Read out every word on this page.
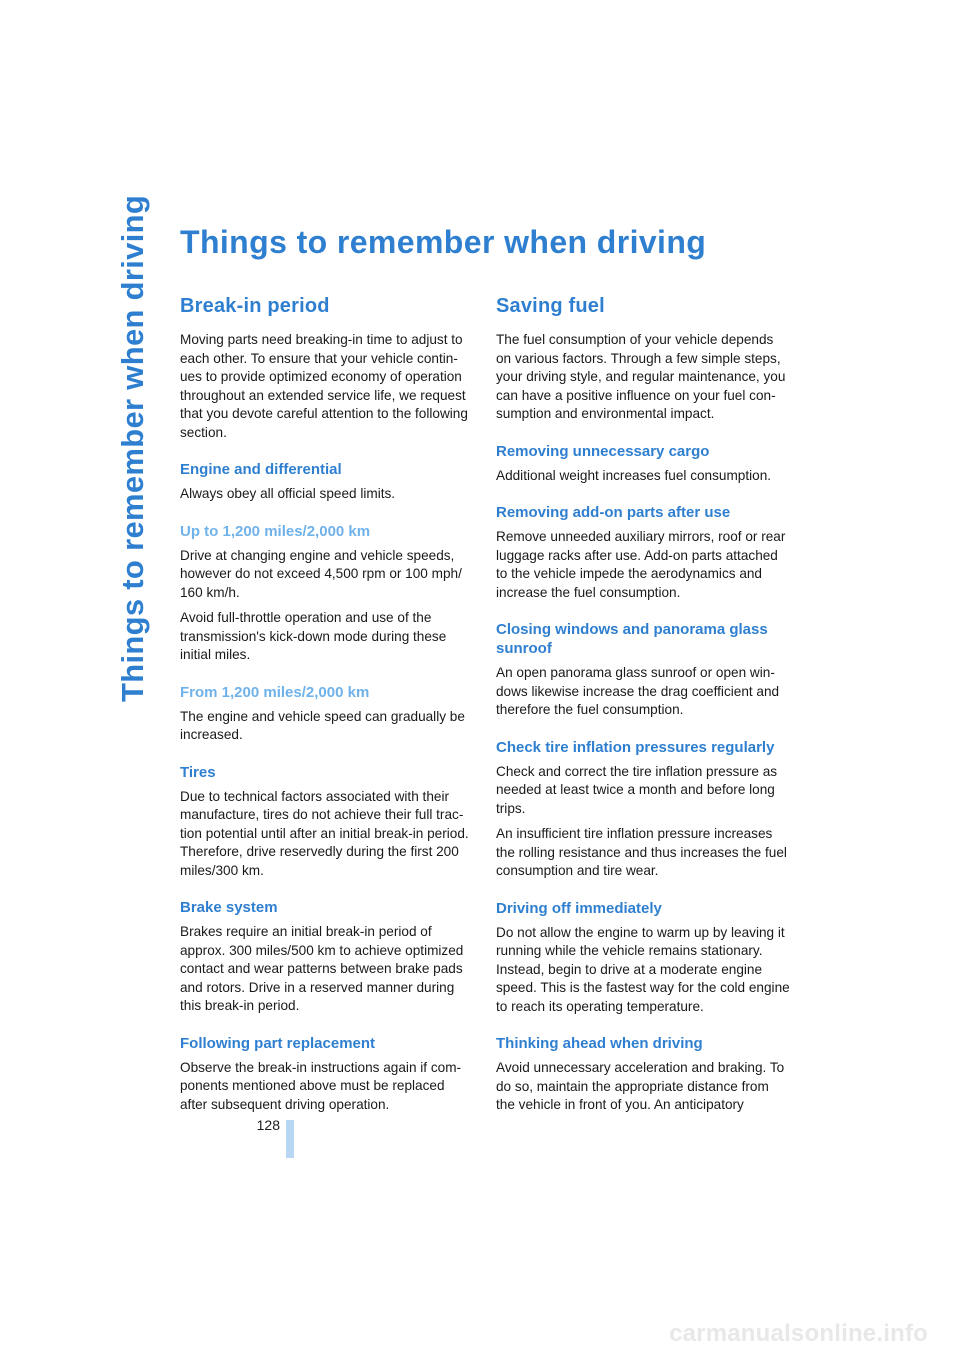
Things to remember when driving Things to remember when driving
Break-in period

Moving parts need breaking-in time to adjust to each other. To ensure that your vehicle continues to provide optimized economy of operation throughout an extended service life, we request that you devote careful attention to the following section.

Engine and differential

Always obey all official speed limits.

Up to 1,200 miles/2,000 km

Drive at changing engine and vehicle speeds, however do not exceed 4,500 rpm or 100 mph/ 160 km/h.

Avoid full-throttle operation and use of the transmission's kick-down mode during these initial miles.

From 1,200 miles/2,000 km

The engine and vehicle speed can gradually be increased.

Tires

Due to technical factors associated with their manufacture, tires do not achieve their full traction potential until after an initial break-in period. Therefore, drive reservedly during the first 200 miles/300 km.

Brake system

Brakes require an initial break-in period of approx. 300 miles/500 km to achieve optimized contact and wear patterns between brake pads and rotors. Drive in a reserved manner during this break-in period.

Following part replacement

Observe the break-in instructions again if components mentioned above must be replaced after subsequent driving operation.

Saving fuel

The fuel consumption of your vehicle depends on various factors. Through a few simple steps, your driving style, and regular maintenance, you can have a positive influence on your fuel consumption and environmental impact.

Removing unnecessary cargo

Additional weight increases fuel consumption.

Removing add-on parts after use

Remove unneeded auxiliary mirrors, roof or rear luggage racks after use. Add-on parts attached to the vehicle impede the aerodynamics and increase the fuel consumption.

Closing windows and panorama glass sunroof

An open panorama glass sunroof or open windows likewise increase the drag coefficient and therefore the fuel consumption.

Check tire inflation pressures regularly

Check and correct the tire inflation pressure as needed at least twice a month and before long trips.

An insufficient tire inflation pressure increases the rolling resistance and thus increases the fuel consumption and tire wear.

Driving off immediately

Do not allow the engine to warm up by leaving it running while the vehicle remains stationary. Instead, begin to drive at a moderate engine speed. This is the fastest way for the cold engine to reach its operating temperature.

Thinking ahead when driving

Avoid unnecessary acceleration and braking. To do so, maintain the appropriate distance from the vehicle in front of you. An anticipatory

128
carmanualsonline.info
